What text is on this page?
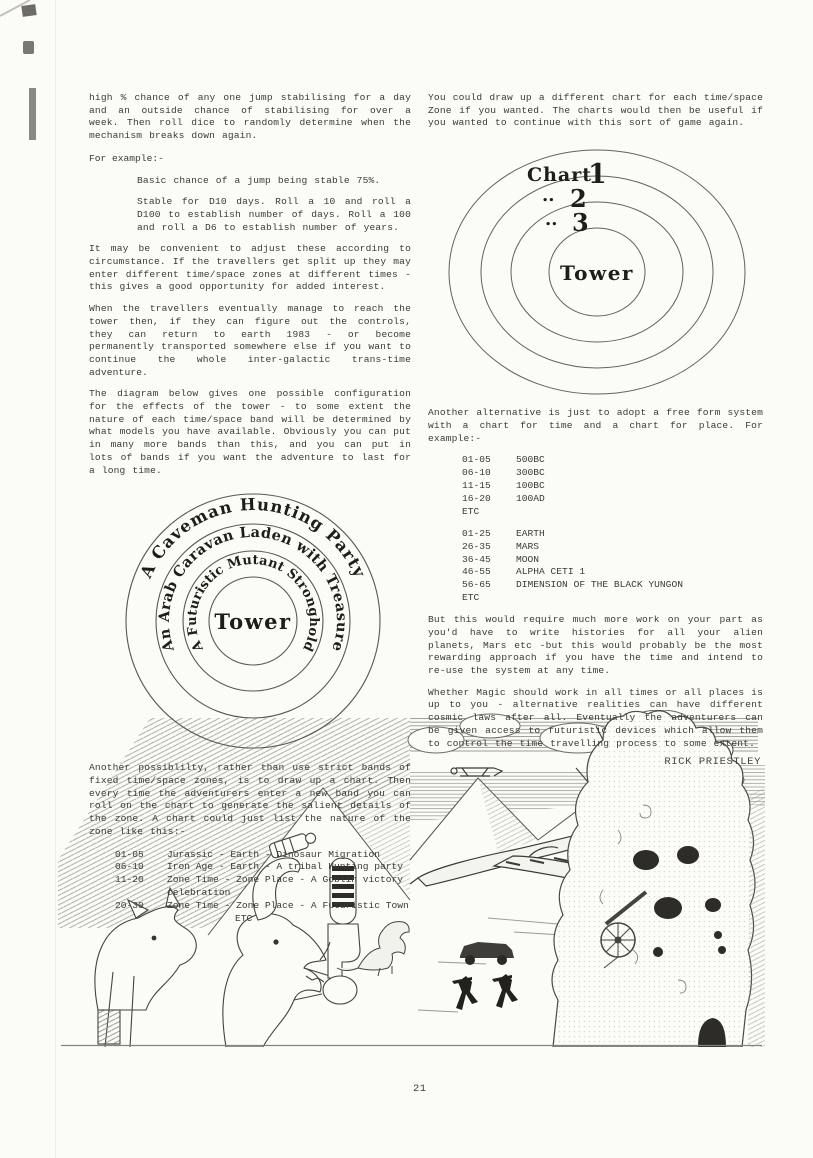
high % chance of any one jump stabilising for a day and an outside chance of stabilising for over a week. Then roll dice to randomly determine when the mechanism breaks down again.

For example:-

Basic chance of a jump being stable 75%.

Stable for D10 days. Roll a 10 and roll a D100 to establish number of days. Roll a 100 and roll a D6 to establish number of years.

It may be convenient to adjust these according to circumstance. If the travellers get split up they may enter different time/space zones at different times -this gives a good opportunity for added interest.

When the travellers eventually manage to reach the tower then, if they can figure out the controls, they can return to earth 1983 - or become permanently transported somewhere else if you want to continue the whole inter-galactic trans-time adventure.

The diagram below gives one possible configuration for the effects of the tower - to some extent the nature of each time/space band will be determined by what models you have available. Obviously you can put in many more bands than this, and you can put in lots of bands if you want the adventure to last for a long time.

A Caveman Hunting Party
An Arab Caravan Laden with Treasure
A Futuristic Mutant Stronghold
Tower

Another possiblilty, rather than use strict bands of fixed time/space zones, is to draw up a chart. Then every time the adventurers enter a new band you can roll on the chart to generate the salient details of the zone. A chart could just list the nature of the zone like this:-

01-05	Jurassic - Earth - Dinosaur Migration
06-10	Iron Age - Earth - A tribal Hunting party
11-20	Zone Time - Zone Place - A Goblin victory celebration
20-30	Zone Time - Zone Place - A Futuristic Town
ETC

You could draw up a different chart for each time/space Zone if you wanted. The charts would then be useful if you wanted to continue with this sort of game again.

Chart
1
.. 2
.. 3
Tower

Another alternative is just to adopt a free form system with a chart for time and a chart for place. For example:-

01-05	500BC
06-10	300BC
11-15	100BC
16-20	100AD
ETC
01-25	EARTH
26-35	MARS
36-45	MOON
46-55	ALPHA CETI 1
56-65	DIMENSION OF THE BLACK YUNGON
ETC

But this would require much more work on your part as you'd have to write histories for all your alien planets, Mars etc -but this would probably be the most rewarding approach if you have the time and intend to re-use the system at any time.

Whether Magic should work in all times or all places is up to you - alternative realities can have different cosmic laws after all. Eventually the adventurers can be given access to futuristic devices which allow them to control the time travelling process to some extent.

RICK PRIESTLEY
21
